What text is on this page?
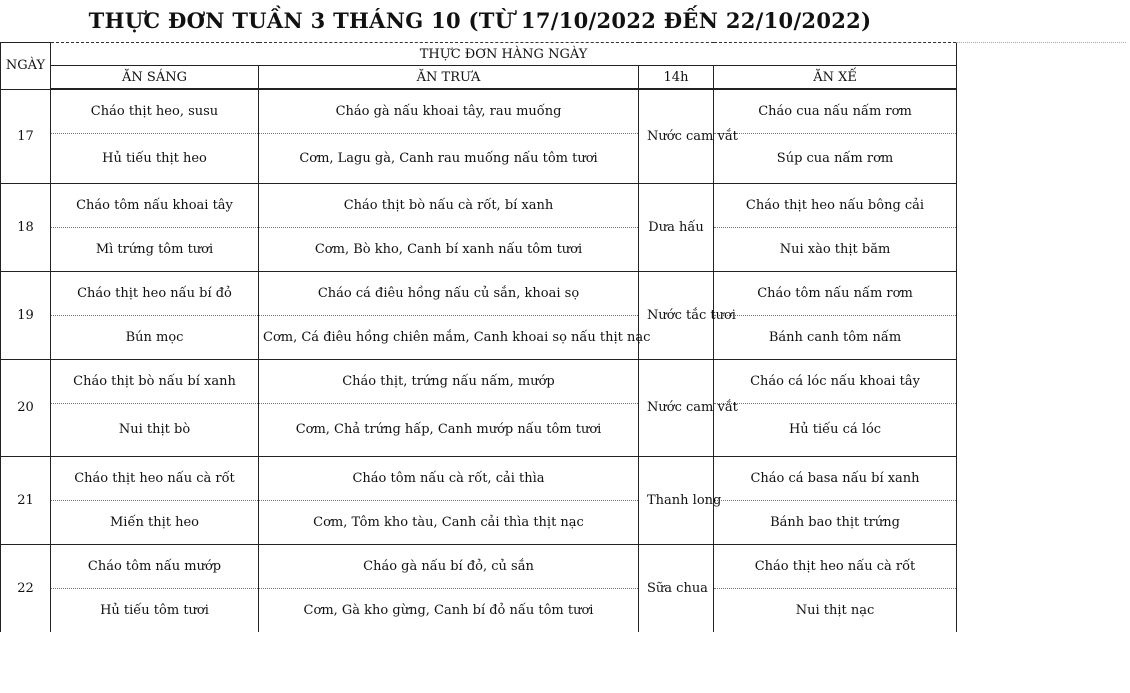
THỰC ĐƠN TUẦN 3 THÁNG 10 (TỪ 17/10/2022 ĐẾN 22/10/2022)
NGÀY	THỰC ĐƠN HÀNG NGÀY			
	ĂN SÁNG	ĂN TRƯA	14h	ĂN XẾ
17	Cháo thịt heo, susu	Cháo gà nấu khoai tây, rau muống	Nước cam vắt	Cháo cua nấu nấm rơm
	Hủ tiếu thịt heo	Cơm, Lagu gà, Canh rau muống nấu tôm tươi		Súp cua nấm rơm
18	Cháo tôm nấu khoai tây	Cháo thịt bò nấu cà rốt, bí xanh	Dưa hấu	Cháo thịt heo nấu bông cải
	Mì trứng tôm tươi	Cơm, Bò kho, Canh bí xanh nấu tôm tươi		Nui xào thịt băm
19	Cháo thịt heo nấu bí đỏ	Cháo cá điêu hồng nấu củ sắn, khoai sọ	Nước tắc tươi	Cháo tôm nấu nấm rơm
	Bún mọc	Cơm, Cá điêu hồng chiên mắm, Canh khoai sọ nấu thịt nạc		Bánh canh tôm nấm
20	Cháo thịt bò nấu bí xanh	Cháo thịt, trứng nấu nấm, mướp	Nước cam vắt	Cháo cá lóc nấu khoai tây
	Nui thịt bò	Cơm, Chả trứng hấp, Canh mướp nấu tôm tươi		Hủ tiếu cá lóc
21	Cháo thịt heo nấu cà rốt	Cháo tôm nấu cà rốt, cải thìa	Thanh long	Cháo cá basa nấu bí xanh
	Miến thịt heo	Cơm, Tôm kho tàu, Canh cải thìa thịt nạc		Bánh bao thịt trứng
22	Cháo tôm nấu mướp	Cháo gà nấu bí đỏ, củ sắn	Sữa chua	Cháo thịt heo nấu cà rốt
	Hủ tiếu tôm tươi	Cơm, Gà kho gừng, Canh bí đỏ nấu tôm tươi		Nui thịt nạc
